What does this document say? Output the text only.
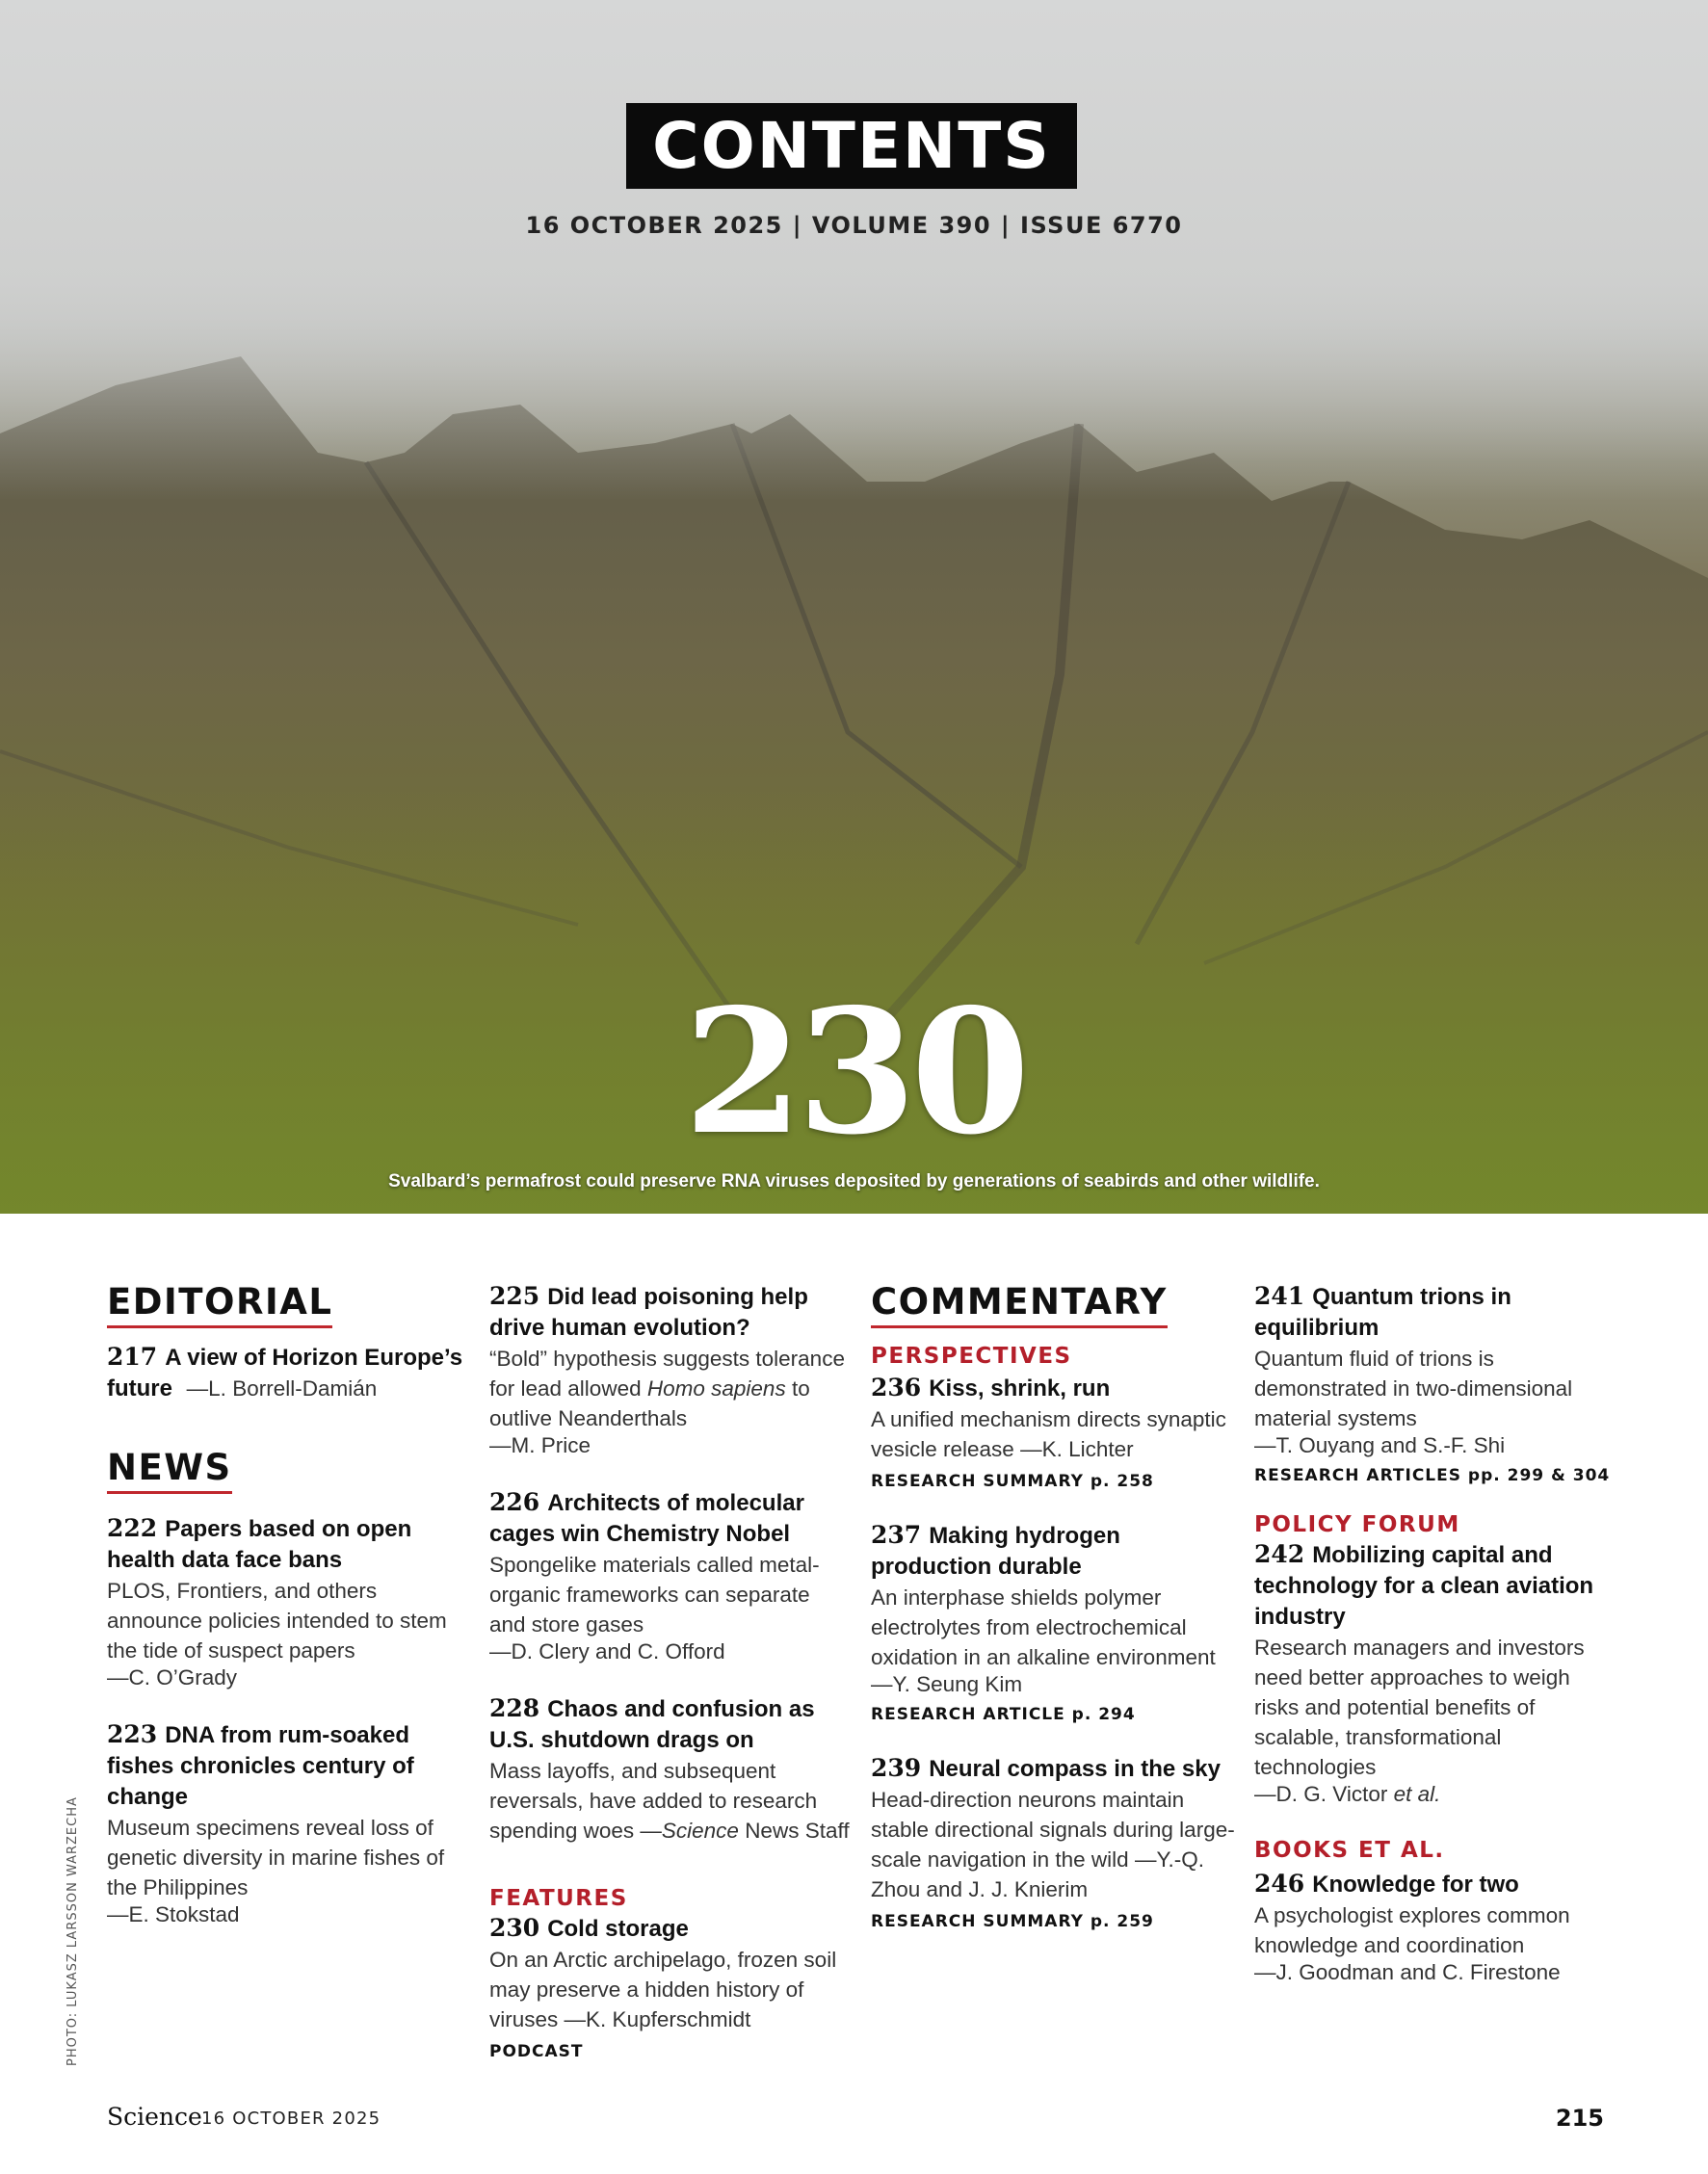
CONTENTS
16 OCTOBER 2025 | VOLUME 390 | ISSUE 6770
230
Svalbard’s permafrost could preserve RNA viruses deposited by generations of seabirds and other wildlife.
EDITORIAL
217 A view of Horizon Europe’s future —L. Borrell-Damián
NEWS
222 Papers based on open health data face bans
PLOS, Frontiers, and others announce policies intended to stem the tide of suspect papers
—C. O’Grady
223 DNA from rum-soaked fishes chronicles century of change
Museum specimens reveal loss of genetic diversity in marine fishes of the Philippines
—E. Stokstad
225 Did lead poisoning help drive human evolution?
“Bold” hypothesis suggests tolerance for lead allowed Homo sapiens to outlive Neanderthals
—M. Price
226 Architects of molecular cages win Chemistry Nobel
Spongelike materials called metal-organic frameworks can separate and store gases
—D. Clery and C. Offord
228 Chaos and confusion as U.S. shutdown drags on
Mass layoffs, and subsequent reversals, have added to research spending woes —Science News Staff
FEATURES
230 Cold storage
On an Arctic archipelago, frozen soil may preserve a hidden history of viruses —K. Kupferschmidt
PODCAST
COMMENTARY
PERSPECTIVES
236 Kiss, shrink, run
A unified mechanism directs synaptic vesicle release —K. Lichter
RESEARCH SUMMARY p. 258
237 Making hydrogen production durable
An interphase shields polymer electrolytes from electrochemical oxidation in an alkaline environment
—Y. Seung Kim
RESEARCH ARTICLE p. 294
239 Neural compass in the sky
Head-direction neurons maintain stable directional signals during large-scale navigation in the wild —Y.-Q. Zhou and J. J. Knierim
RESEARCH SUMMARY p. 259
241 Quantum trions in equilibrium
Quantum fluid of trions is demonstrated in two-dimensional material systems
—T. Ouyang and S.-F. Shi
RESEARCH ARTICLES pp. 299 & 304
POLICY FORUM
242 Mobilizing capital and technology for a clean aviation industry
Research managers and investors need better approaches to weigh risks and potential benefits of scalable, transformational technologies
—D. G. Victor et al.
BOOKS ET AL.
246 Knowledge for two
A psychologist explores common knowledge and coordination
—J. Goodman and C. Firestone
PHOTO: LUKASZ LARSSON WARZECHA
Science 16 OCTOBER 2025	215
